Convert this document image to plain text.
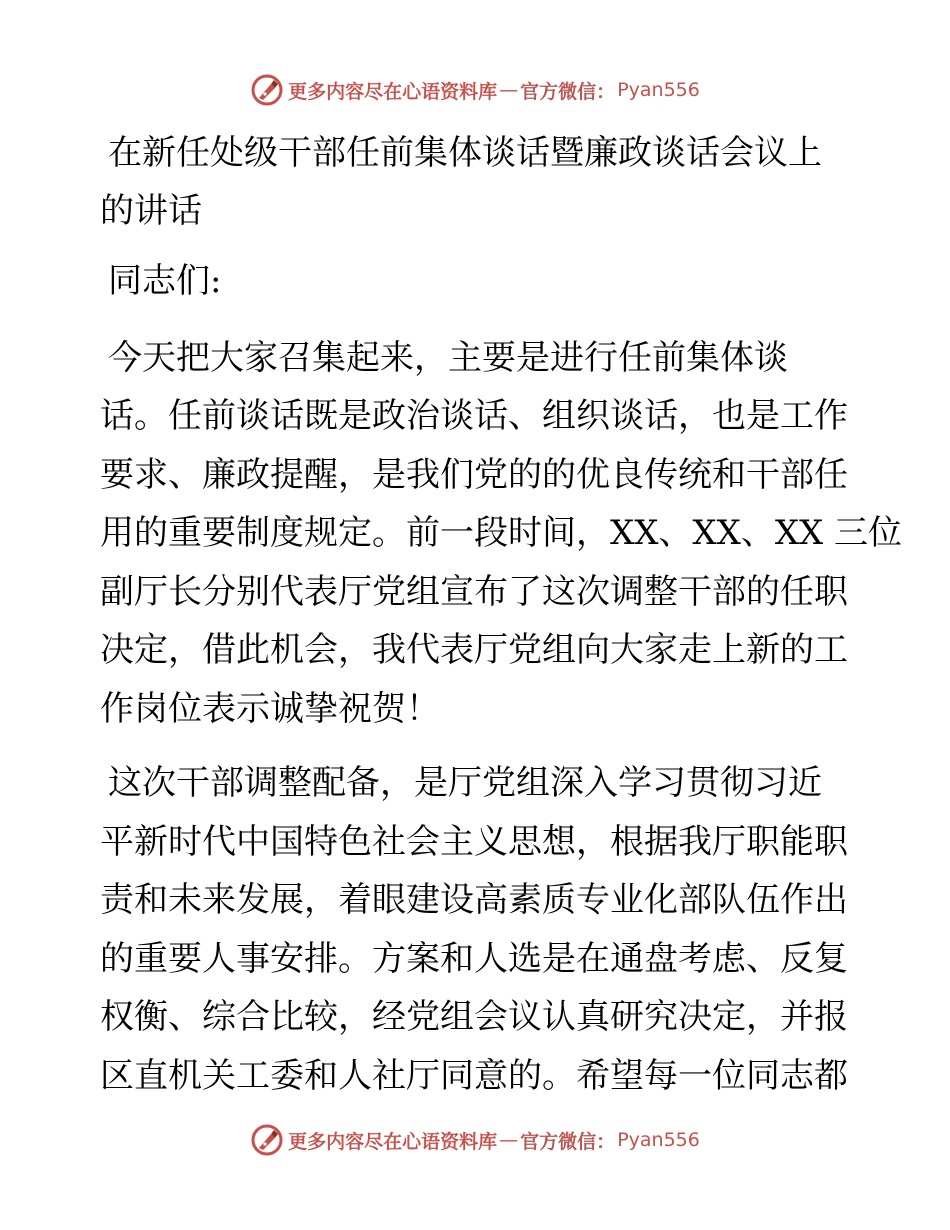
更多内容尽在心语资料库 — 官方微信： Pyan556
在新任处级干部任前集体谈话暨廉政谈话会议上
的讲话

同志们:

今天把大家召集起来，主要是进行任前集体谈
话。任前谈话既是政治谈话、组织谈话，也是工作
要求、廉政提醒，是我们党的的优良传统和干部任
用的重要制度规定。前一段时间，XX、XX、XX 三位
副厅长分别代表厅党组宣布了这次调整干部的任职
决定，借此机会，我代表厅党组向大家走上新的工
作岗位表示诚挚祝贺！

这次干部调整配备，是厅党组深入学习贯彻习近
平新时代中国特色社会主义思想，根据我厅职能职
责和未来发展，着眼建设高素质专业化部队伍作出
的重要人事安排。方案和人选是在通盘考虑、反复
权衡、综合比较，经党组会议认真研究决定，并报
区直机关工委和人社厅同意的。希望每一位同志都

更多内容尽在心语资料库 — 官方微信： Pyan556
